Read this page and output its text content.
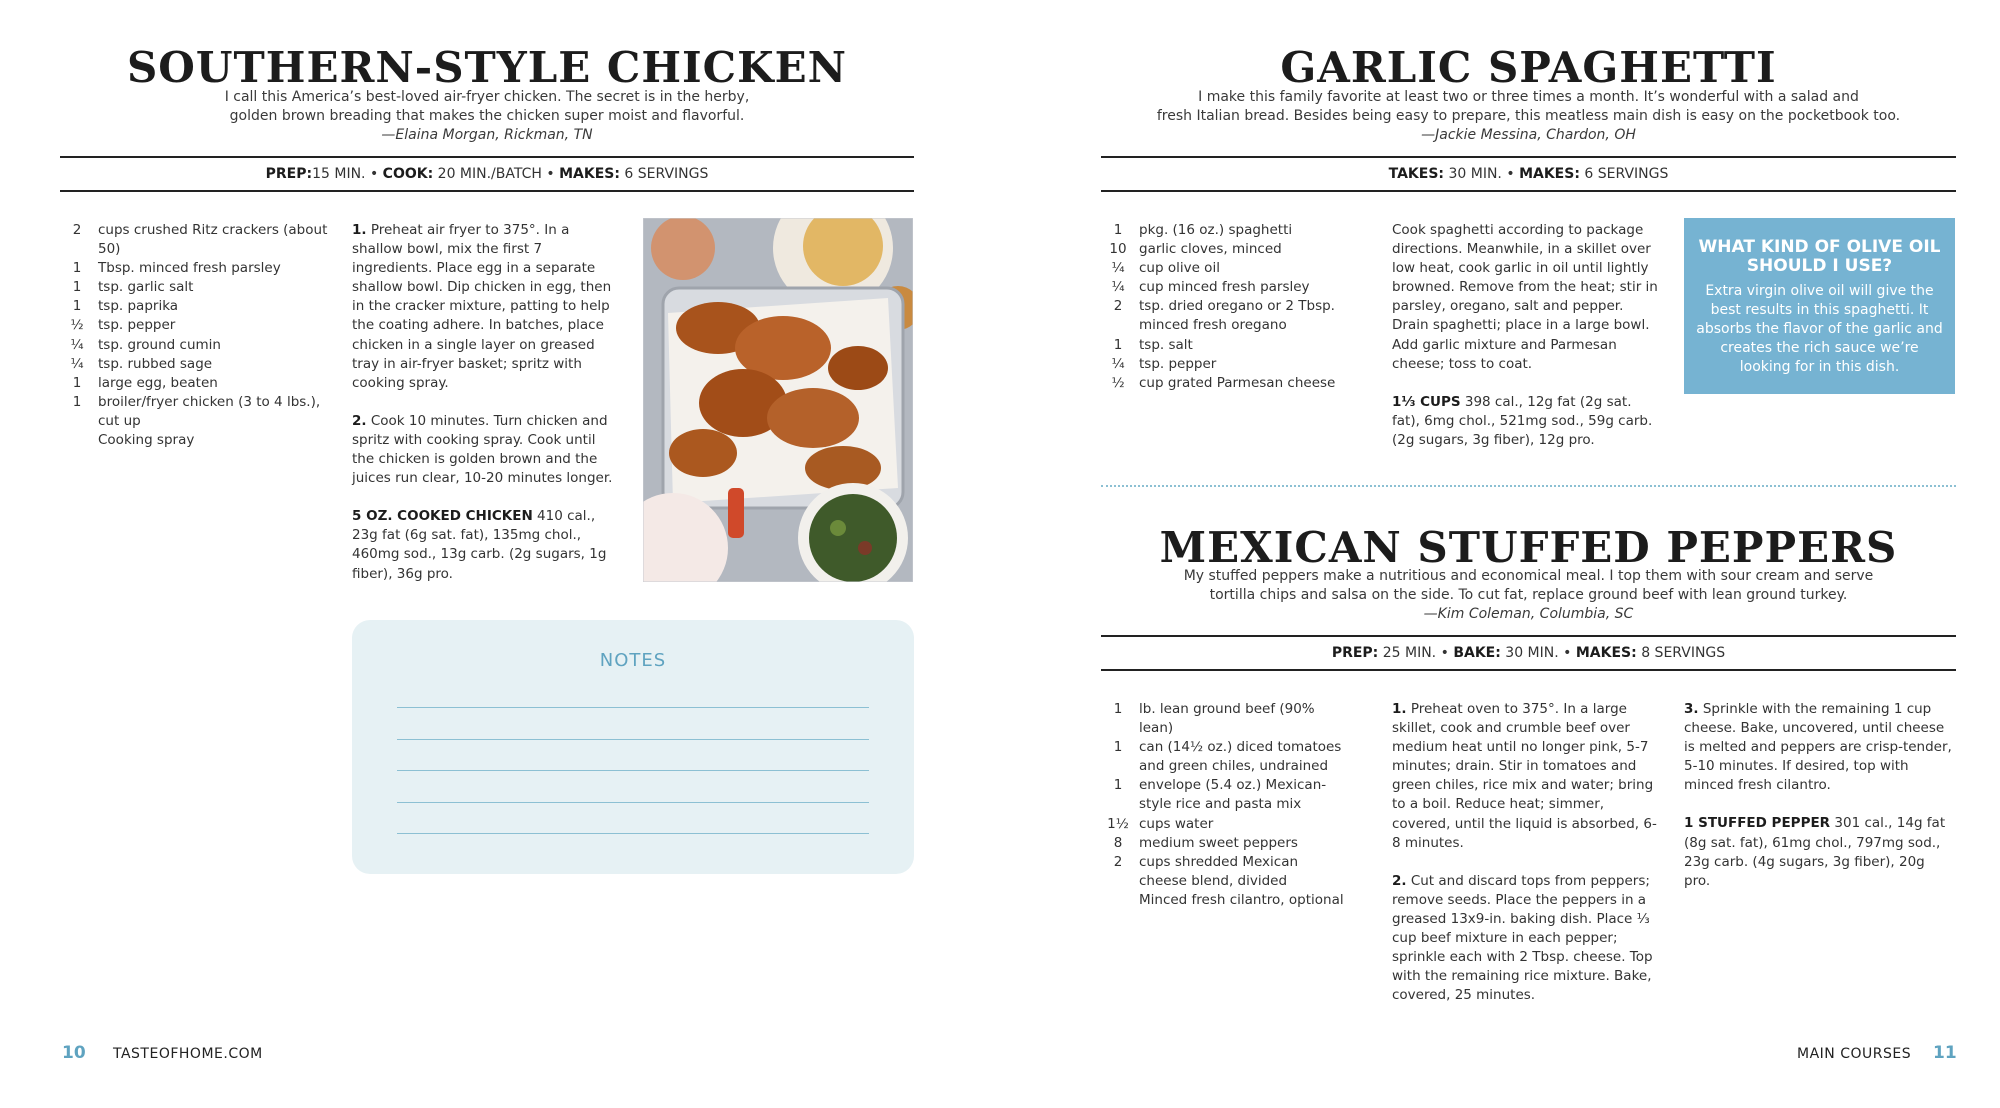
SOUTHERN-STYLE CHICKEN
I call this America’s best-loved air-fryer chicken. The secret is in the herby,
golden brown breading that makes the chicken super moist and flavorful.
—Elaina Morgan, Rickman, TN
PREP:15 MIN. • COOK: 20 MIN./BATCH • MAKES: 6 SERVINGS
2	cups crushed Ritz crackers (about 50)
1	Tbsp. minced fresh parsley
1	tsp. garlic salt
1	tsp. paprika
½	tsp. pepper
¼	tsp. ground cumin
¼	tsp. rubbed sage
1	large egg, beaten
1	broiler/fryer chicken (3 to 4 lbs.), cut up
Cooking spray

1. Preheat air fryer to 375°. In a shallow bowl, mix the first 7 ingredients. Place egg in a separate shallow bowl. Dip chicken in egg, then in the cracker mixture, patting to help the coating adhere. In batches, place chicken in a single layer on greased tray in air-fryer basket; spritz with cooking spray.

2. Cook 10 minutes. Turn chicken and spritz with cooking spray. Cook until the chicken is golden brown and the juices run clear, 10-20 minutes longer.

5 OZ. COOKED CHICKEN 410 cal., 23g fat (6g sat. fat), 135mg chol., 460mg sod., 13g carb. (2g sugars, 1g fiber), 36g pro.

NOTES
10 TASTEOFHOME.COM
GARLIC SPAGHETTI
I make this family favorite at least two or three times a month. It’s wonderful with a salad and
fresh Italian bread. Besides being easy to prepare, this meatless main dish is easy on the pocketbook too.
—Jackie Messina, Chardon, OH
TAKES: 30 MIN. • MAKES: 6 SERVINGS
1	pkg. (16 oz.) spaghetti
10 garlic cloves, minced
¼	cup olive oil
¼	cup minced fresh parsley
2	tsp. dried oregano or 2 Tbsp. minced fresh oregano
1	tsp. salt
¼	tsp. pepper
½	cup grated Parmesan cheese

Cook spaghetti according to package directions. Meanwhile, in a skillet over low heat, cook garlic in oil until lightly browned. Remove from the heat; stir in parsley, oregano, salt and pepper. Drain spaghetti; place in a large bowl. Add garlic mixture and Parmesan cheese; toss to coat.

1⅓ CUPS 398 cal., 12g fat (2g sat. fat), 6mg chol., 521mg sod., 59g carb. (2g sugars, 3g fiber), 12g pro.

WHAT KIND OF OLIVE OIL SHOULD I USE?
Extra virgin olive oil will give the best results in this spaghetti. It absorbs the flavor of the garlic and creates the rich sauce we’re looking for in this dish.
MEXICAN STUFFED PEPPERS
My stuffed peppers make a nutritious and economical meal. I top them with sour cream and serve
tortilla chips and salsa on the side. To cut fat, replace ground beef with lean ground turkey.
—Kim Coleman, Columbia, SC
PREP: 25 MIN. • BAKE: 30 MIN. • MAKES: 8 SERVINGS
1	lb. lean ground beef (90% lean)
1	can (14½ oz.) diced tomatoes and green chiles, undrained
1	envelope (5.4 oz.) Mexican-style rice and pasta mix
1½ cups water
8	medium sweet peppers
2	cups shredded Mexican cheese blend, divided
Minced fresh cilantro, optional

1. Preheat oven to 375°. In a large skillet, cook and crumble beef over medium heat until no longer pink, 5-7 minutes; drain. Stir in tomatoes and green chiles, rice mix and water; bring to a boil. Reduce heat; simmer, covered, until the liquid is absorbed, 6-8 minutes.

2. Cut and discard tops from peppers; remove seeds. Place the peppers in a greased 13x9-in. baking dish. Place ⅓ cup beef mixture in each pepper; sprinkle each with 2 Tbsp. cheese. Top with the remaining rice mixture. Bake, covered, 25 minutes.

3. Sprinkle with the remaining 1 cup cheese. Bake, uncovered, until cheese is melted and peppers are crisp-tender, 5-10 minutes. If desired, top with minced fresh cilantro.

1 STUFFED PEPPER 301 cal., 14g fat (8g sat. fat), 61mg chol., 797mg sod., 23g carb. (4g sugars, 3g fiber), 20g pro.

MAIN COURSES 11
